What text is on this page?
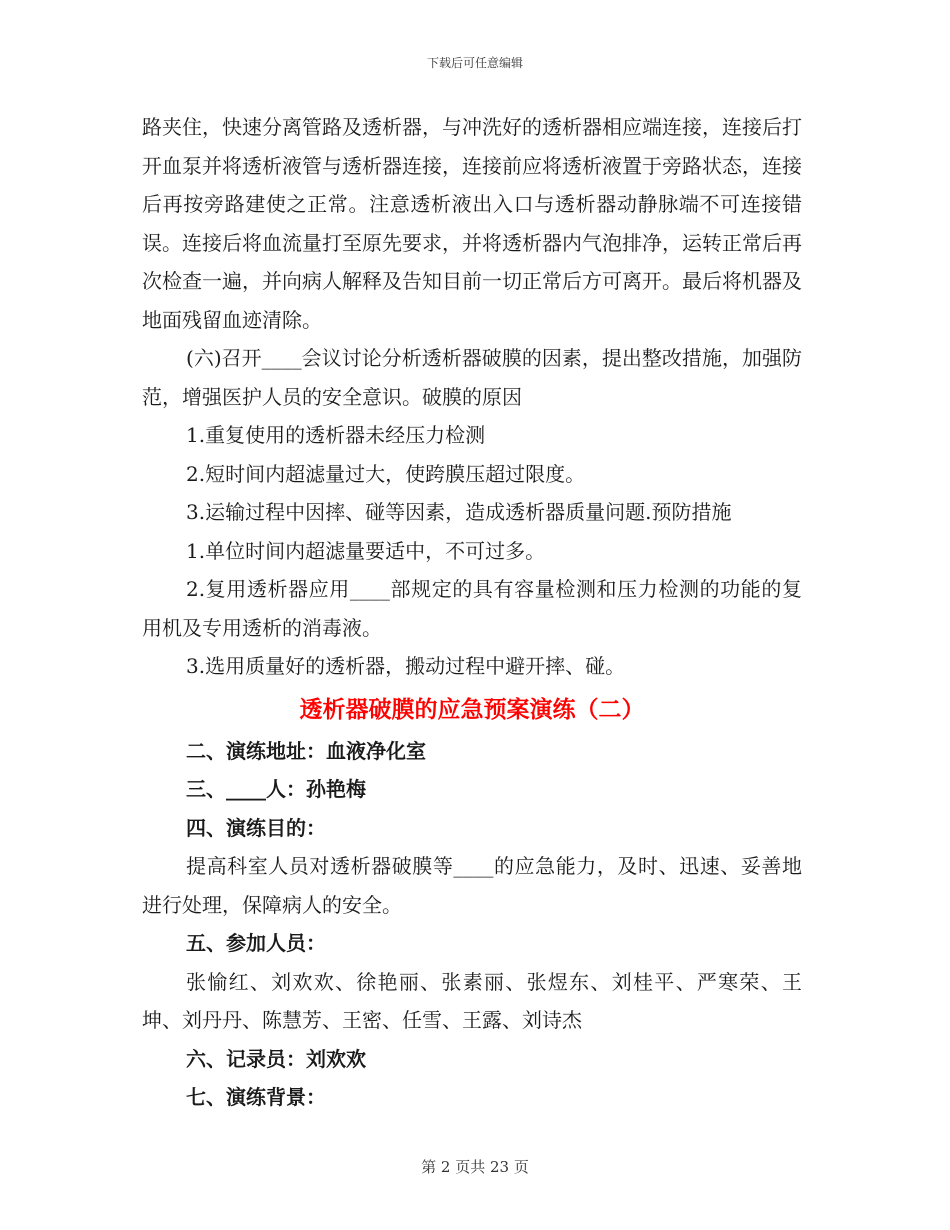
下载后可任意编辑

路夹住，快速分离管路及透析器，与冲洗好的透析器相应端连接，连接后打开血泵并将透析液管与透析器连接，连接前应将透析液置于旁路状态，连接后再按旁路建使之正常。注意透析液出入口与透析器动静脉端不可连接错误。连接后将血流量打至原先要求，并将透析器内气泡排净，运转正常后再次检查一遍，并向病人解释及告知目前一切正常后方可离开。最后将机器及地面残留血迹清除。

(六)召开____会议讨论分析透析器破膜的因素，提出整改措施，加强防范，增强医护人员的安全意识。破膜的原因

1.重复使用的透析器未经压力检测

2.短时间内超滤量过大，使跨膜压超过限度。

3.运输过程中因摔、碰等因素，造成透析器质量问题.预防措施

1.单位时间内超滤量要适中，不可过多。

2.复用透析器应用____部规定的具有容量检测和压力检测的功能的复用机及专用透析的消毒液。

3.选用质量好的透析器，搬动过程中避开摔、碰。

透析器破膜的应急预案演练（二）

二、演练地址：血液净化室

三、____人：孙艳梅

四、演练目的：

提高科室人员对透析器破膜等____的应急能力，及时、迅速、妥善地进行处理，保障病人的安全。

五、参加人员：

张愉红、刘欢欢、徐艳丽、张素丽、张煜东、刘桂平、严寒荣、王坤、刘丹丹、陈慧芳、王密、任雪、王露、刘诗杰

六、记录员：刘欢欢

七、演练背景：

第 2 页共 23 页
